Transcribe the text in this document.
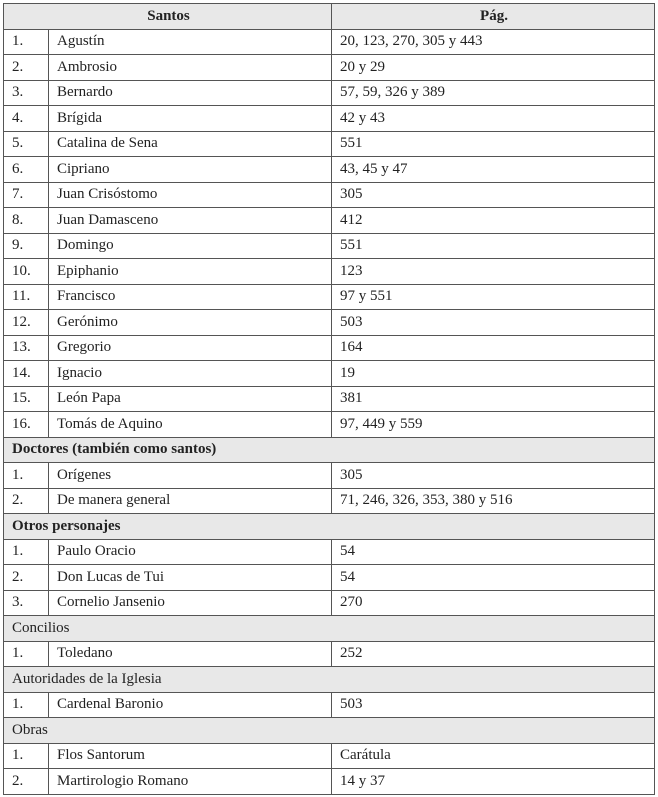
Santos		Pág.
1.	Agustín	20, 123, 270, 305 y 443
2.	Ambrosio	20 y 29
3.	Bernardo	57, 59, 326 y 389
4.	Brígida	42 y 43
5.	Catalina de Sena	551
6.	Cipriano	43, 45 y 47
7.	Juan Crisóstomo	305
8.	Juan Damasceno	412
9.	Domingo	551
10.	Epiphanio	123
11.	Francisco	97 y 551
12.	Gerónimo	503
13.	Gregorio	164
14.	Ignacio	19
15.	León Papa	381
16.	Tomás de Aquino	97, 449 y 559
Doctores (también como santos)		
1.	Orígenes	305
2.	De manera general	71, 246, 326, 353, 380 y 516
Otros personajes		
1.	Paulo Oracio	54
2.	Don Lucas de Tui	54
3.	Cornelio Jansenio	270
Concilios		
1.	Toledano	252
Autoridades de la Iglesia		
1.	Cardenal Baronio	503
Obras		
1.	Flos Santorum	Carátula
2.	Martirologio Romano	14 y 37
